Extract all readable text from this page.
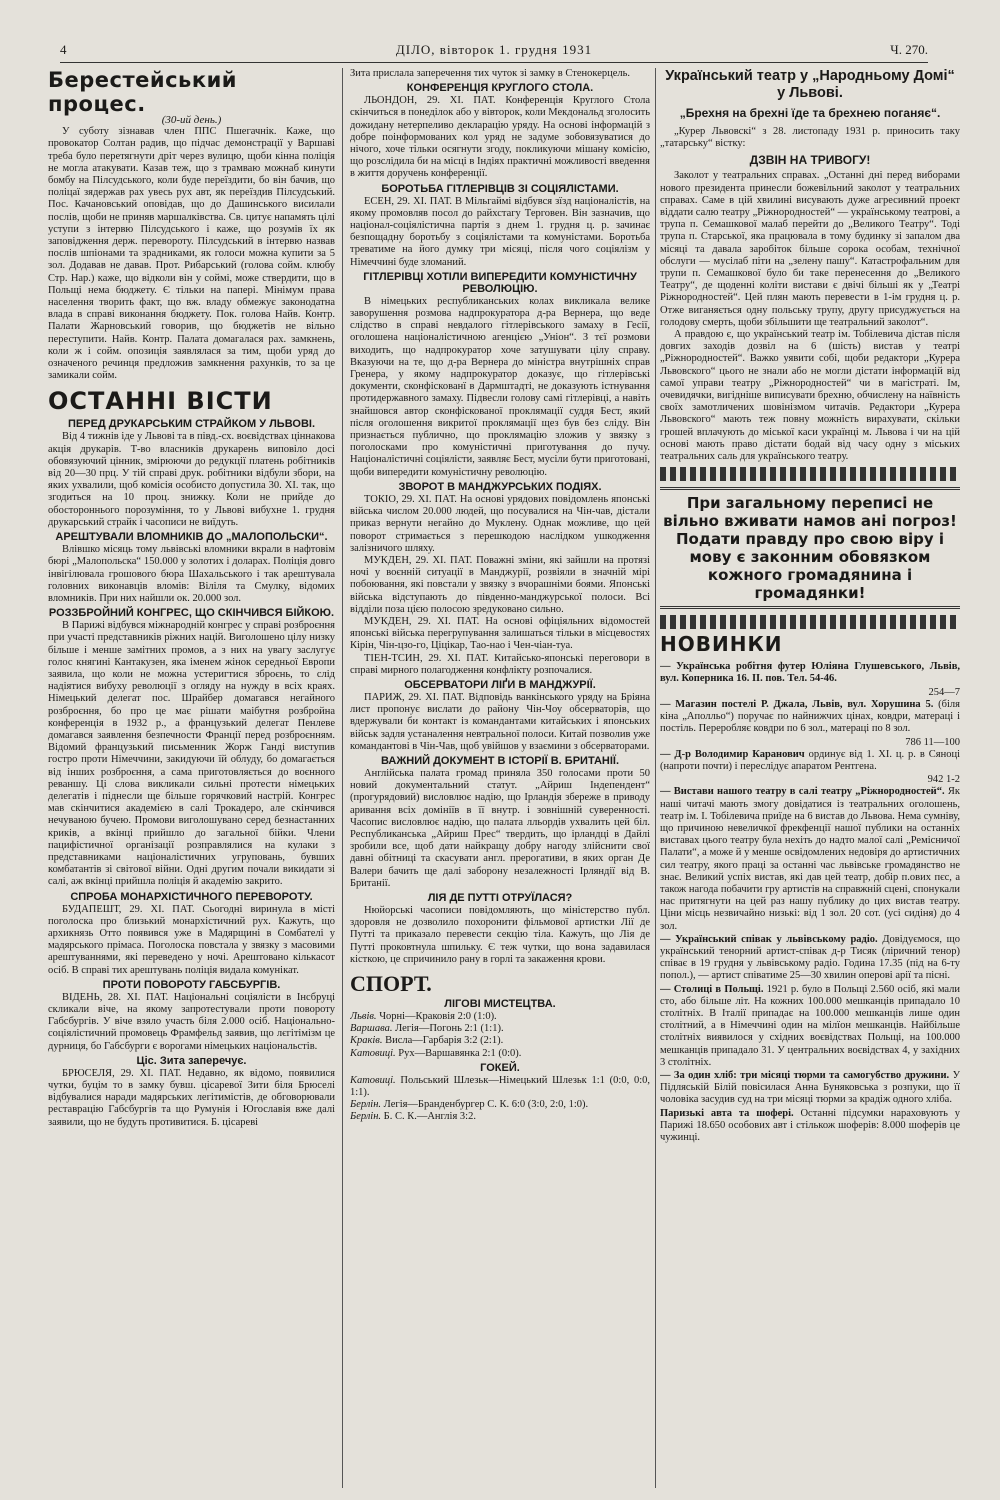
4	ДІЛО, вівторок 1. грудня 1931	Ч. 270.
Берестейський процес.
(30-ий день.)

У суботу зізнавав член ППС Пшегачнік. Каже, що провокатор Солтан радив, що підчас демонстрації у Варшаві треба було перетягнути дріт через вулицю, щоби кінна поліція не могла атакувати. Казав теж, що з трамваю можнаб кинути бомбу на Пілсудського, коли буде переїздити, бо він бачив, що поліцаї зядержав рах увесь рух авт, як переїздив Пілсудський. Пос. Качановський оповідав, що до Дашинського висилали послів, щоби не приняв маршалківства. Св. цитує напамять цілі уступи з інтервю Пілсудського і каже, що розумів їх як заповідження держ. перевороту. Пілсудський в інтервю назвав послів шпіонами та зрадниками, як голоси можна купити за 5 зол. Додавав не давав. Прот. Рибарський (голова сойм. клюбу Стр. Нар.) каже, що відколи він у соймі, може ствердити, що в Польщі нема бюджету. Є тільки на папері. Мінімум права населення творить факт, що вж. владу обмежує законодатна влада в справі виконання бюджету. Пок. голова Найв. Контр. Палати Жарновський говорив, що бюджетів не вільно переступити. Найв. Контр. Палата домагалася рах. замкнень, коли ж і сойм. опозиція заявлялася за тим, щоби уряд до означеного речинця предложив замкнення рахунків, то за це замикали сойм.

ОСТАННІ ВІСТИ
ПЕРЕД ДРУКАРСЬКИМ СТРАЙКОМ У ЛЬВОВІ.

Від 4 тижнів іде у Львові та в півд.-сх. воєвідствах ціннакова акція друкарів. Т-во власників друкарень виповіло досі обовязуючий цінник, змірюючи до редукції платень робітників від 20—30 прц. У тій справі друк. робітники відбули збори, на яких ухвалили, щоб комісія особисто допустила 30. XI. так, що згодиться на 10 проц. знижку. Коли не прийде до обостороннього порозуміння, то у Львові вибухне 1. грудня друкарський страйк і часописи не виїдуть.

АРЕШТУВАЛИ ВЛОМНИКІВ ДО „МАЛОПОЛЬСКИ“.

Влівшко місяць тому львівські вломники вкрали в нафтовім бюрі „Малопольска“ 150.000 у золотих і доларах. Поліція довго інвігілювала грошового бюра Шахальського і так арештувала головних виконавців вломів: Віліля та Смулку, відомих вломників. При них найшли ок. 20.000 зол.

РОЗЗБРОЙНИЙ КОНГРЕС, ЩО СКІНЧИВСЯ БІЙКОЮ.

В Парижі відбувся міжнародній конгрес у справі розброєння при участі представників ріжних націй. Виголошено цілу низку більше і менше замітних промов, а з них на увагу заслугує голос княгині Кантакузен, яка іменем жінок середньої Европи заявила, що коли не можна устеригтися зброєнь, то слід надіятися вибуху революції з огляду на нужду в всіх краях. Німецький делегат пос. Шрайбер домагався негайного розброєння, бо про це має рішати маібутня розбройна конференція в 1932 р., а французький делегат Пенлеве домагався заявлення безпечности Франції перед розброєнням. Відомий французький письменник Жорж Ганді виступив гостро проти Німеччини, закидуючи їй облуду, бо домагається від інших розброєння, а сама приготовляється до воєнного реваншу. Ці слова викликали сильні протести німецьких делегатів і піднесли ще більше горячковий настрій. Конгрес мав скінчитися академією в салі Трокадеро, але скінчився нечуваною бучею. Промови виголошувано серед безнастанних криків, а вкінці прийшло до загальної бійки. Члени пацифістичної організації розправлялися на кулаки з представниками націоналістичних угруповань, бувших комбатантів зі світової війни. Одні другим почали викидати зі салі, аж вкінці прийшла поліція й академію закрито.

СПРОБА МОНАРХІСТИЧНОГО ПЕРЕВОРОТУ.

БУДАПЕШТ, 29. XI. ПАТ. Сьогодні виринула в місті поголоска про близький монархістичний рух. Кажуть, що архикнязь Отто появився уже в Мадярщині в Сомбателі у мадярського прімаса. Поголоска повстала у звязку з масовими арештуваннями, які переведено у ночі. Арештовано кількасот осіб. В справі тих арештувань поліція видала комунікат.

ПРОТИ ПОВОРОТУ ГАБСБУРГІВ.

ВІДЕНЬ, 28. XI. ПАТ. Національні соціялісти в Інсбруці скликали віче, на якому запротестували проти повороту Габсбургів. У віче взяло участь біля 2.000 осіб. Національно-соціялістичний промовець Фрамфельд заявив, що лєгітімізм це дурниця, бо Габсбурги є ворогами німецьких національстів.

Ціс. Зита заперечує.

БРЮСЕЛЯ, 29. XI. ПАТ. Недавно, як відомо, появилися чутки, буцім то в замку бувш. цісаревої Зити біля Брюселі відбувалися наради мадярських легітимістів, де обговорювали реставрацію Габсбургів та що Румунія і Югославія вже далі заявили, що не будуть противитися. Б. цісареві

Зита прислала заперечення тих чуток зі замку в Стенокерцель.

КОНФЕРЕНЦІЯ КРУГЛОГО СТОЛА.

ЛЬОНДОН, 29. XI. ПАТ. Конференція Круглого Стола скінчиться в понеділок або у вівторок, коли Мекдональд зголосить дожидану нетерпеливо декларацію уряду. На основі інформацій з добре поінформованих кол уряд не задуме зобовязуватися до нічого, хоче тільки осягнути згоду, покликуючи мішану комісію, що розслідила би на місці в Індіях практичні можливості введення в життя доручень конференції.

БОРОТЬБА ГІТЛЕРІВЦІВ ЗІ СОЦІЯЛІСТАМИ.

ЕСЕН, 29. XI. ПАТ. В Мільгаймі відбувся зїзд націоналістів, на якому промовляв посол до райхстагу Терговен. Він зазначив, що націонал-соціялістична партія з днем 1. грудня ц. р. зачинає безпощадну боротьбу з соціялістами та комуністами. Боротьба треватиме на його думку три місяці, після чого соціялізм у Німеччині буде зломаний.

ГІТЛЕРІВЦІ ХОТІЛИ ВИПЕРЕДИТИ КОМУНІСТИЧНУ РЕВОЛЮЦІЮ.

В німецьких республиканських колах викликала велике заворушення розмова надпрокуратора д-ра Вернера, що веде слідство в справі невдалого гітлерівського замаху в Гесії, оголошена націоналістичною агенцією „Уніон“. З тєї розмови виходить, що надпрокуратор хоче затушувати цілу справу. Вказуючи на те, що д-ра Вернера до міністра внутрішніх справ Гренера, у якому надпрокуратор доказує, що гітлерівські документи, сконфіскованї в Дармштадті, не доказують істнування протидержавного замаху. Підвесли голову самі гітлерівці, а навіть знайшовся автор сконфіскованої проклямації суддя Бест, який після оголошення викритої проклямації щез був без сліду. Він признається публично, що проклямацію зложив у звязку з поголосками про комуністичні приготування до пучу. Націоналістичні соціялісти, заявляє Бест, мусіли бути приготовані, щоби випередити комуністичну революцію.

ЗВОРОТ В МАНДЖУРСЬКИХ ПОДІЯХ.

ТОКІО, 29. XI. ПАТ. На основі урядових повідомлень японські війська числом 20.000 людей, що посувалися на Чін-чав, дістали приказ вернути негайно до Муклену. Однак можливе, що цей поворот стримається з перешкодою наслідком ушкодження залізничого шляху.

МУКДЕН, 29. XI. ПАТ. Поважні зміни, які зайшли на протязі ночі у воєнній ситуації в Манджурії, розвіяли в значній мірі побоювання, які повстали у звязку з вчорашніми боями. Японські війська відступають до південно-манджурської полоси. Всі відділи поза цією полосою зредуковано сильно.

МУКДЕН, 29. XI. ПАТ. На основі офіціяльних відомостей японські війська перегрупування залишаться тільки в місцевостях Кірін, Чін-цзо-го, Ціцікар, Тао-нао і Чен-чіан-туа.

ТІЕН-ТСИН, 29. XI. ПАТ. Китайсько-японські переговори в справі мирного полагодження конфлікту розпочалися.

ОБСЕРВАТОРИ ЛІҐИ В МАНДЖУРІЇ.

ПАРИЖ, 29. XI. ПАТ. Відповідь ванкінського уряду на Бріяна лист пропонує вислати до району Чін-Чоу обсерваторів, що вдержували би контакт із командантами китайських і японських військ задля устаналення невтральної полоси. Китай позволив уже командантові в Чін-Чав, щоб увійшов у взаємини з обсерваторами.

ВАЖНИЙ ДОКУМЕНТ В ІСТОРІЇ В. БРИТАНІЇ.

Англійська палата громад приняла 350 голосами проти 50 новий документальний статут. „Айриш Індепендент“ (прогурядовий) висловлює надію, що Ірландія збереже в приводу аривання всіх домініїв в її внутр. і зовнішній суверенності. Часопис висловлює надію, що палата лльордів ухвалить цей біл. Республиканська „Айриш Прес“ твердить, що ірландці в Дайлі зробили все, щоб дати найкращу добру нагоду злійснити свої давні обітниці та скасувати англ. прерогативи, в яких орган Де Валери бачить ще далі заборону незалежності Ірляндії від В. Британії.

ЛІЯ ДЕ ПУТТІ ОТРУЇЛАСЯ?

Нюйорські часописи повідомляють, що міністерство публ. здоровля не дозволило похоронити фільмової артистки Лії де Путті та приказало перевести секцію тіла. Кажуть, що Лія де Путті проковтнула шпильку. Є теж чутки, що вона задавилася кісткою, це спричинило рану в горлі та закаження крови.

СПОРТ.
ЛІГОВІ МИСТЕЦТВА.

Львів. Чорні—Краковія 2:0 (1:0).

Варшава. Легія—Погонь 2:1 (1:1).

Краків. Висла—Гарбарія 3:2 (2:1).

Катовиці. Рух—Варшавянка 2:1 (0:0).

ГОКЕЙ.

Катовиці. Польський Шлезьк—Німецький Шлезьк 1:1 (0:0, 0:0, 1:1).

Берлін. Легія—Бранденбургер С. К. 6:0 (3:0, 2:0, 1:0).

Берлін. Б. С. К.—Англія 3:2.

Український театр у „Народньому Домі“ у Львові.
„Брехня на брехні їде та брехнею поганяє“.

„Курер Львовскі“ з 28. листопаду 1931 р. приносить таку „татарську“ вістку:

ДЗВІН НА ТРИВОГУ!

Заколот у театральних справах. „Останні дні перед виборами нового президента принесли божевільний заколот у театральних справах. Саме в цій хвилині висувають дуже агресивний проект віддати салю театру „Ріжнородностей“ — українському театрові, а трупа п. Семашкової малаб перейти до „Великого Театру“. Тоді трупа п. Старської, яка працювала в тому будинку зі запалом два місяці та давала заробіток більше сорока особам, технічної обслуги — мусілаб піти на „зелену пашу“. Катастрофальним для трупи п. Семашкової було би таке перенесення до „Великого Театру“, де щоденні коліти вистави є двічі більші як у „Театрі Ріжнородностей“. Цей плян мають перевести в 1-ім грудня ц. р. Отже виганяється одну польську трупу, другу присуджується на голодову смерть, щоби збільшити ще театральний заколот“.

А правдою є, що український театр ім. Тобілевича дістав після довгих заходів дозвіл на 6 (шість) вистав у театрі „Ріжнородностей“. Важко уявити собі, щоби редактори „Курера Львовского“ цього не знали або не могли дістати інформацій від самої управи театру „Ріжнородностей“ чи в магістраті. Ім, очевидячки, вигідніше виписувати брехню, обчислену на наївність своїх замотличених шовінізмом читачів. Редактори „Курера Львовского“ мають теж повну можність вирахувати, скільки грошей вплачують до міської каси українці м. Львова і чи на цій основі мають право дістати бодай від часу одну з міських театральних саль для українського театру.

При загальному переписі не вільно вживати намов ані погроз! Подати правду про свою віру і мову є законним обовязком кожного громадянина і громадянки!

НОВИНКИ

— Українська робітня футер Юліяна Глушевського, Львів, вул. Коперника 16. II. пов. Тел. 54-46.

254—7

— Магазин постелі Р. Джала, Львів, вул. Хорушина 5. (біля кіна „Аполльо“) поручає по найнижчих цінах, ковдри, матераці і постіль. Переробляє ковдри по 6 зол., матераці по 8 зол.

786 11—100

— Д-р Володимир Каранович ординує від 1. XI. ц. р. в Сяноці (напроти почти) і переслідує апаратом Рентгена.

942 1-2

— Вистави нашого театру в салі театру „Ріжнородностей“. Як наші читачі мають змогу довідатися із театральних оголошень, театр ім. І. Тобілевича приїде на 6 вистав до Львова. Нема сумніву, що причиною невеличкої фрекфенції нашої публики на останніх виставах цього театру була нехіть до надто малої салі „Ремісничої Палати“, а може й у менше освідомлених недовіря до артистичних сил театру, якого праці за останні час львівське громадянство не знає. Великий успіх вистав, які дав цей театр, добір п.ових пєс, а також нагода побачити гру артистів на справжній сцені, спонукали нас притягнути на цей раз нашу публику до цих вистав театру. Ціни місць незвичайно низькі: від 1 зол. 20 сот. (усі сидіня) до 4 зол.

— Український співак у львівському радіо. Довідуємося, що український тенорний артист-співак д-р Тисяк (ліричний тенор) співає в 19 грудня у львівському радіо. Година 17.35 (під на 6-ту попол.), — артист співатиме 25—30 хвилин оперові арії та пісні.

— Столиці в Польщі. 1921 р. було в Польщі 2.560 осіб, які мали сто, або більше літ. На кожних 100.000 мешканців припадало 10 столітніх. В Італії припадає на 100.000 мешканців лише один столітний, а в Німеччині один на мілїон мешканців. Найбільше столітніх виявилося у східних воєвідствах Польщі, на 100.000 мешканців припадало 31. У центральних воєвідствах 4, у західних 3 столітніх.

— За один хліб: три місяці тюрми та самогубство дружини. У Підляській Білій повісилася Анна Буняковська з розпуки, що її чоловіка засудив суд на три місяці тюрми за крадіж одного хліба.

Паризькі авта та шофері. Останні підсумки нараховують у Парижі 18.650 особових авт і стількож шоферів: 8.000 шоферів це чужинці.
